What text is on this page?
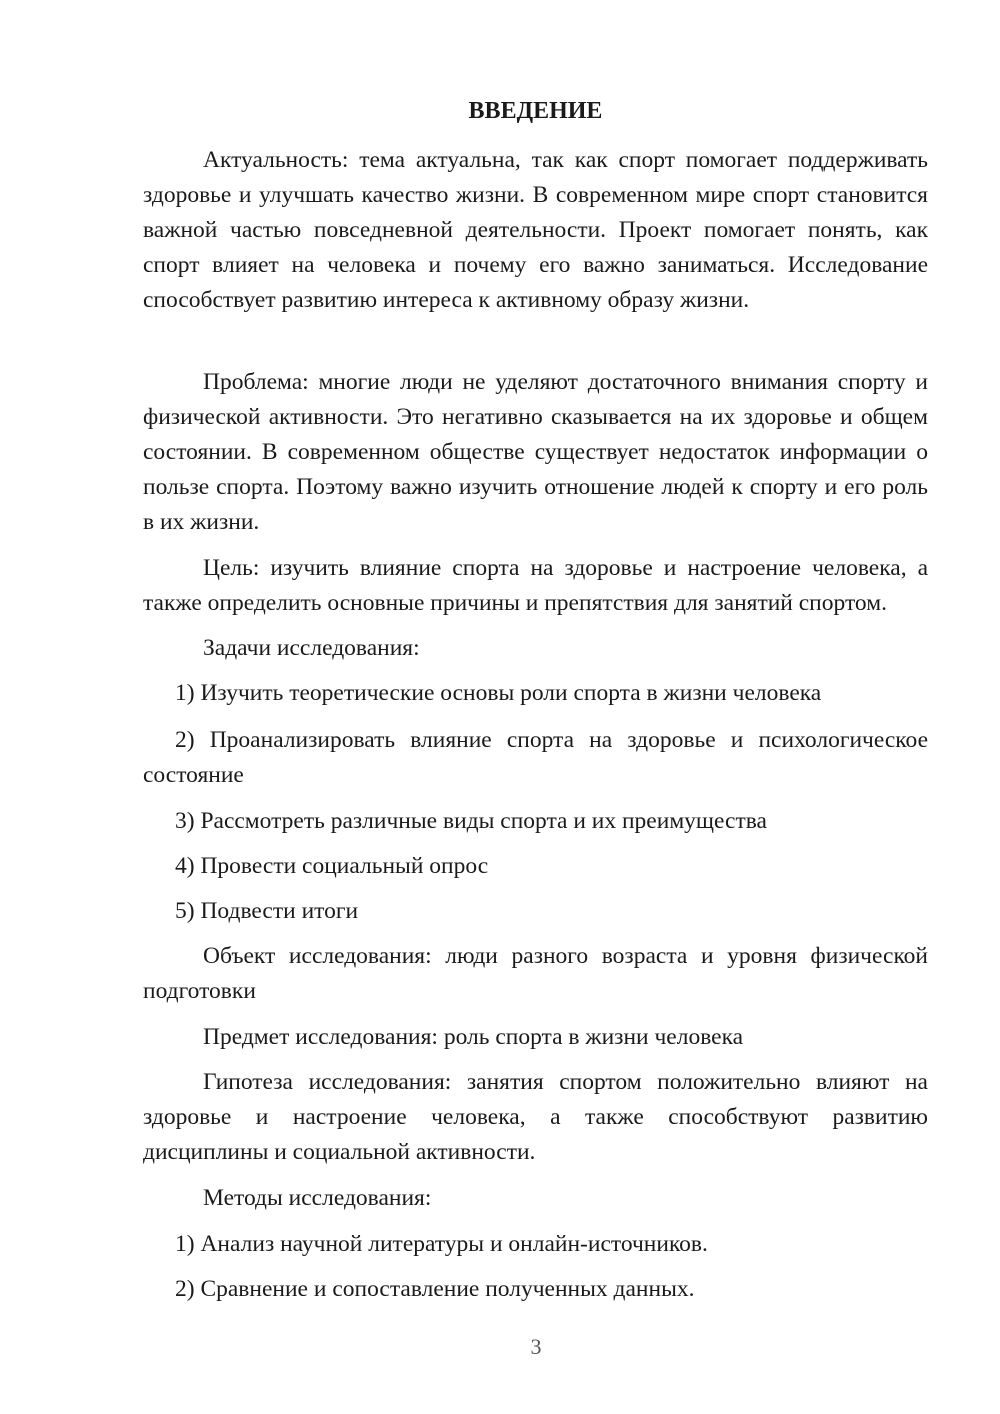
ВВЕДЕНИЕ

Актуальность: тема актуальна, так как спорт помогает поддерживать здоровье и улучшать качество жизни. В современном мире спорт становится важной частью повседневной деятельности. Проект помогает понять, как спорт влияет на человека и почему его важно заниматься. Исследование способствует развитию интереса к активному образу жизни.

Проблема: многие люди не уделяют достаточного внимания спорту и физической активности. Это негативно сказывается на их здоровье и общем состоянии. В современном обществе существует недостаток информации о пользе спорта. Поэтому важно изучить отношение людей к спорту и его роль в их жизни.

Цель: изучить влияние спорта на здоровье и настроение человека, а также определить основные причины и препятствия для занятий спортом.

Задачи исследования:

1) Изучить теоретические основы роли спорта в жизни человека

2) Проанализировать влияние спорта на здоровье и психологическое состояние

3) Рассмотреть различные виды спорта и их преимущества

4) Провести социальный опрос

5) Подвести итоги

Объект исследования: люди разного возраста и уровня физической подготовки

Предмет исследования: роль спорта в жизни человека

Гипотеза исследования: занятия спортом положительно влияют на здоровье и настроение человека, а также способствуют развитию дисциплины и социальной активности.

Методы исследования:

1) Анализ научной литературы и онлайн-источников.

2) Сравнение и сопоставление полученных данных.

3
